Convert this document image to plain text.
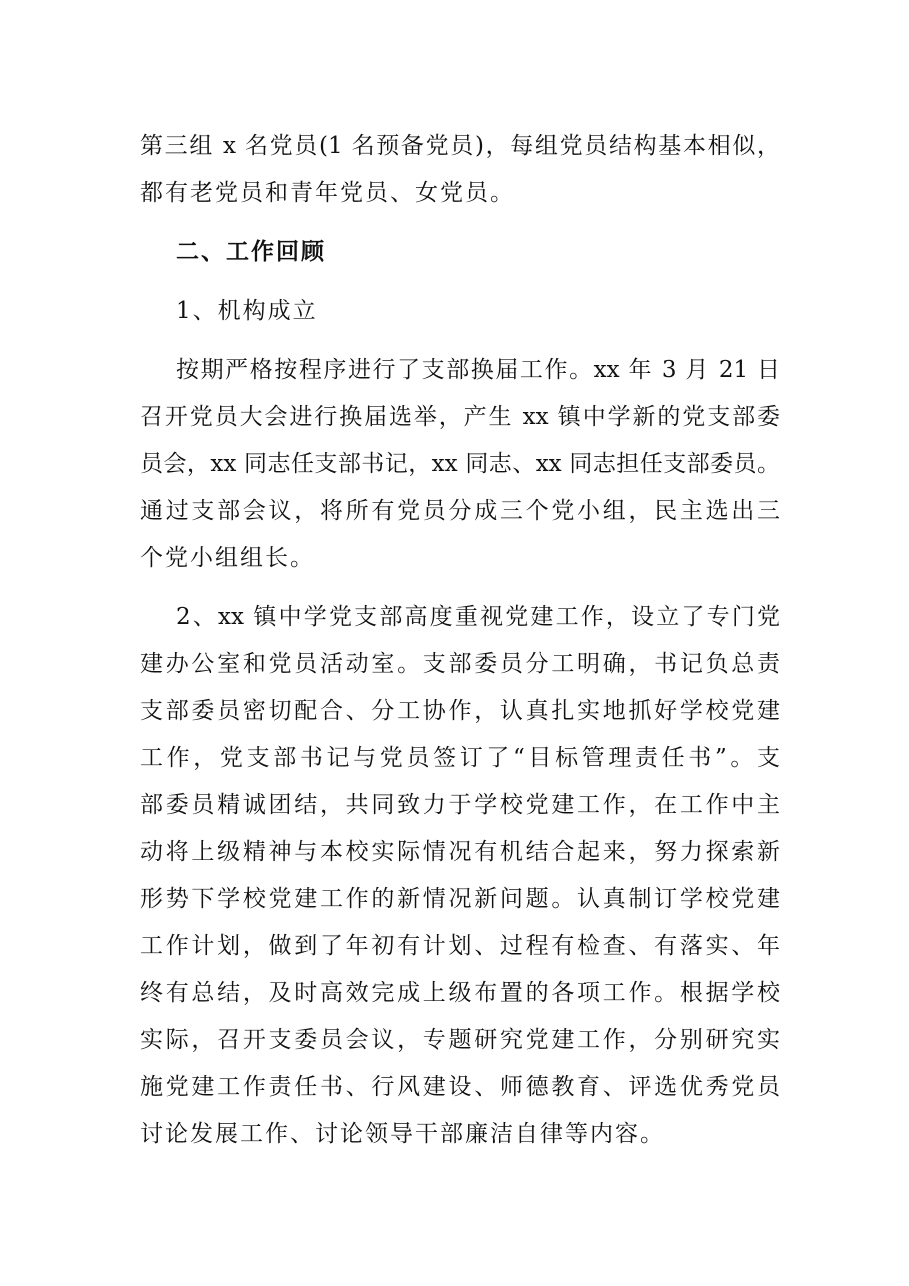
第三组 x 名党员(1 名预备党员)，每组党员结构基本相似，
都有老党员和青年党员、女党员。
二、工作回顾
1、机构成立
按期严格按程序进行了支部换届工作。xx 年 3 月 21 日
召开党员大会进行换届选举，产生 xx 镇中学新的党支部委
员会，xx 同志任支部书记，xx 同志、xx 同志担任支部委员。
通过支部会议，将所有党员分成三个党小组，民主选出三
个党小组组长。
2、xx 镇中学党支部高度重视党建工作，设立了专门党
建办公室和党员活动室。支部委员分工明确，书记负总责
支部委员密切配合、分工协作，认真扎实地抓好学校党建
工作，党支部书记与党员签订了“目标管理责任书”。支
部委员精诚团结，共同致力于学校党建工作，在工作中主
动将上级精神与本校实际情况有机结合起来，努力探索新
形势下学校党建工作的新情况新问题。认真制订学校党建
工作计划，做到了年初有计划、过程有检查、有落实、年
终有总结，及时高效完成上级布置的各项工作。根据学校
实际，召开支委员会议，专题研究党建工作，分别研究实
施党建工作责任书、行风建设、师德教育、评选优秀党员
讨论发展工作、讨论领导干部廉洁自律等内容。
